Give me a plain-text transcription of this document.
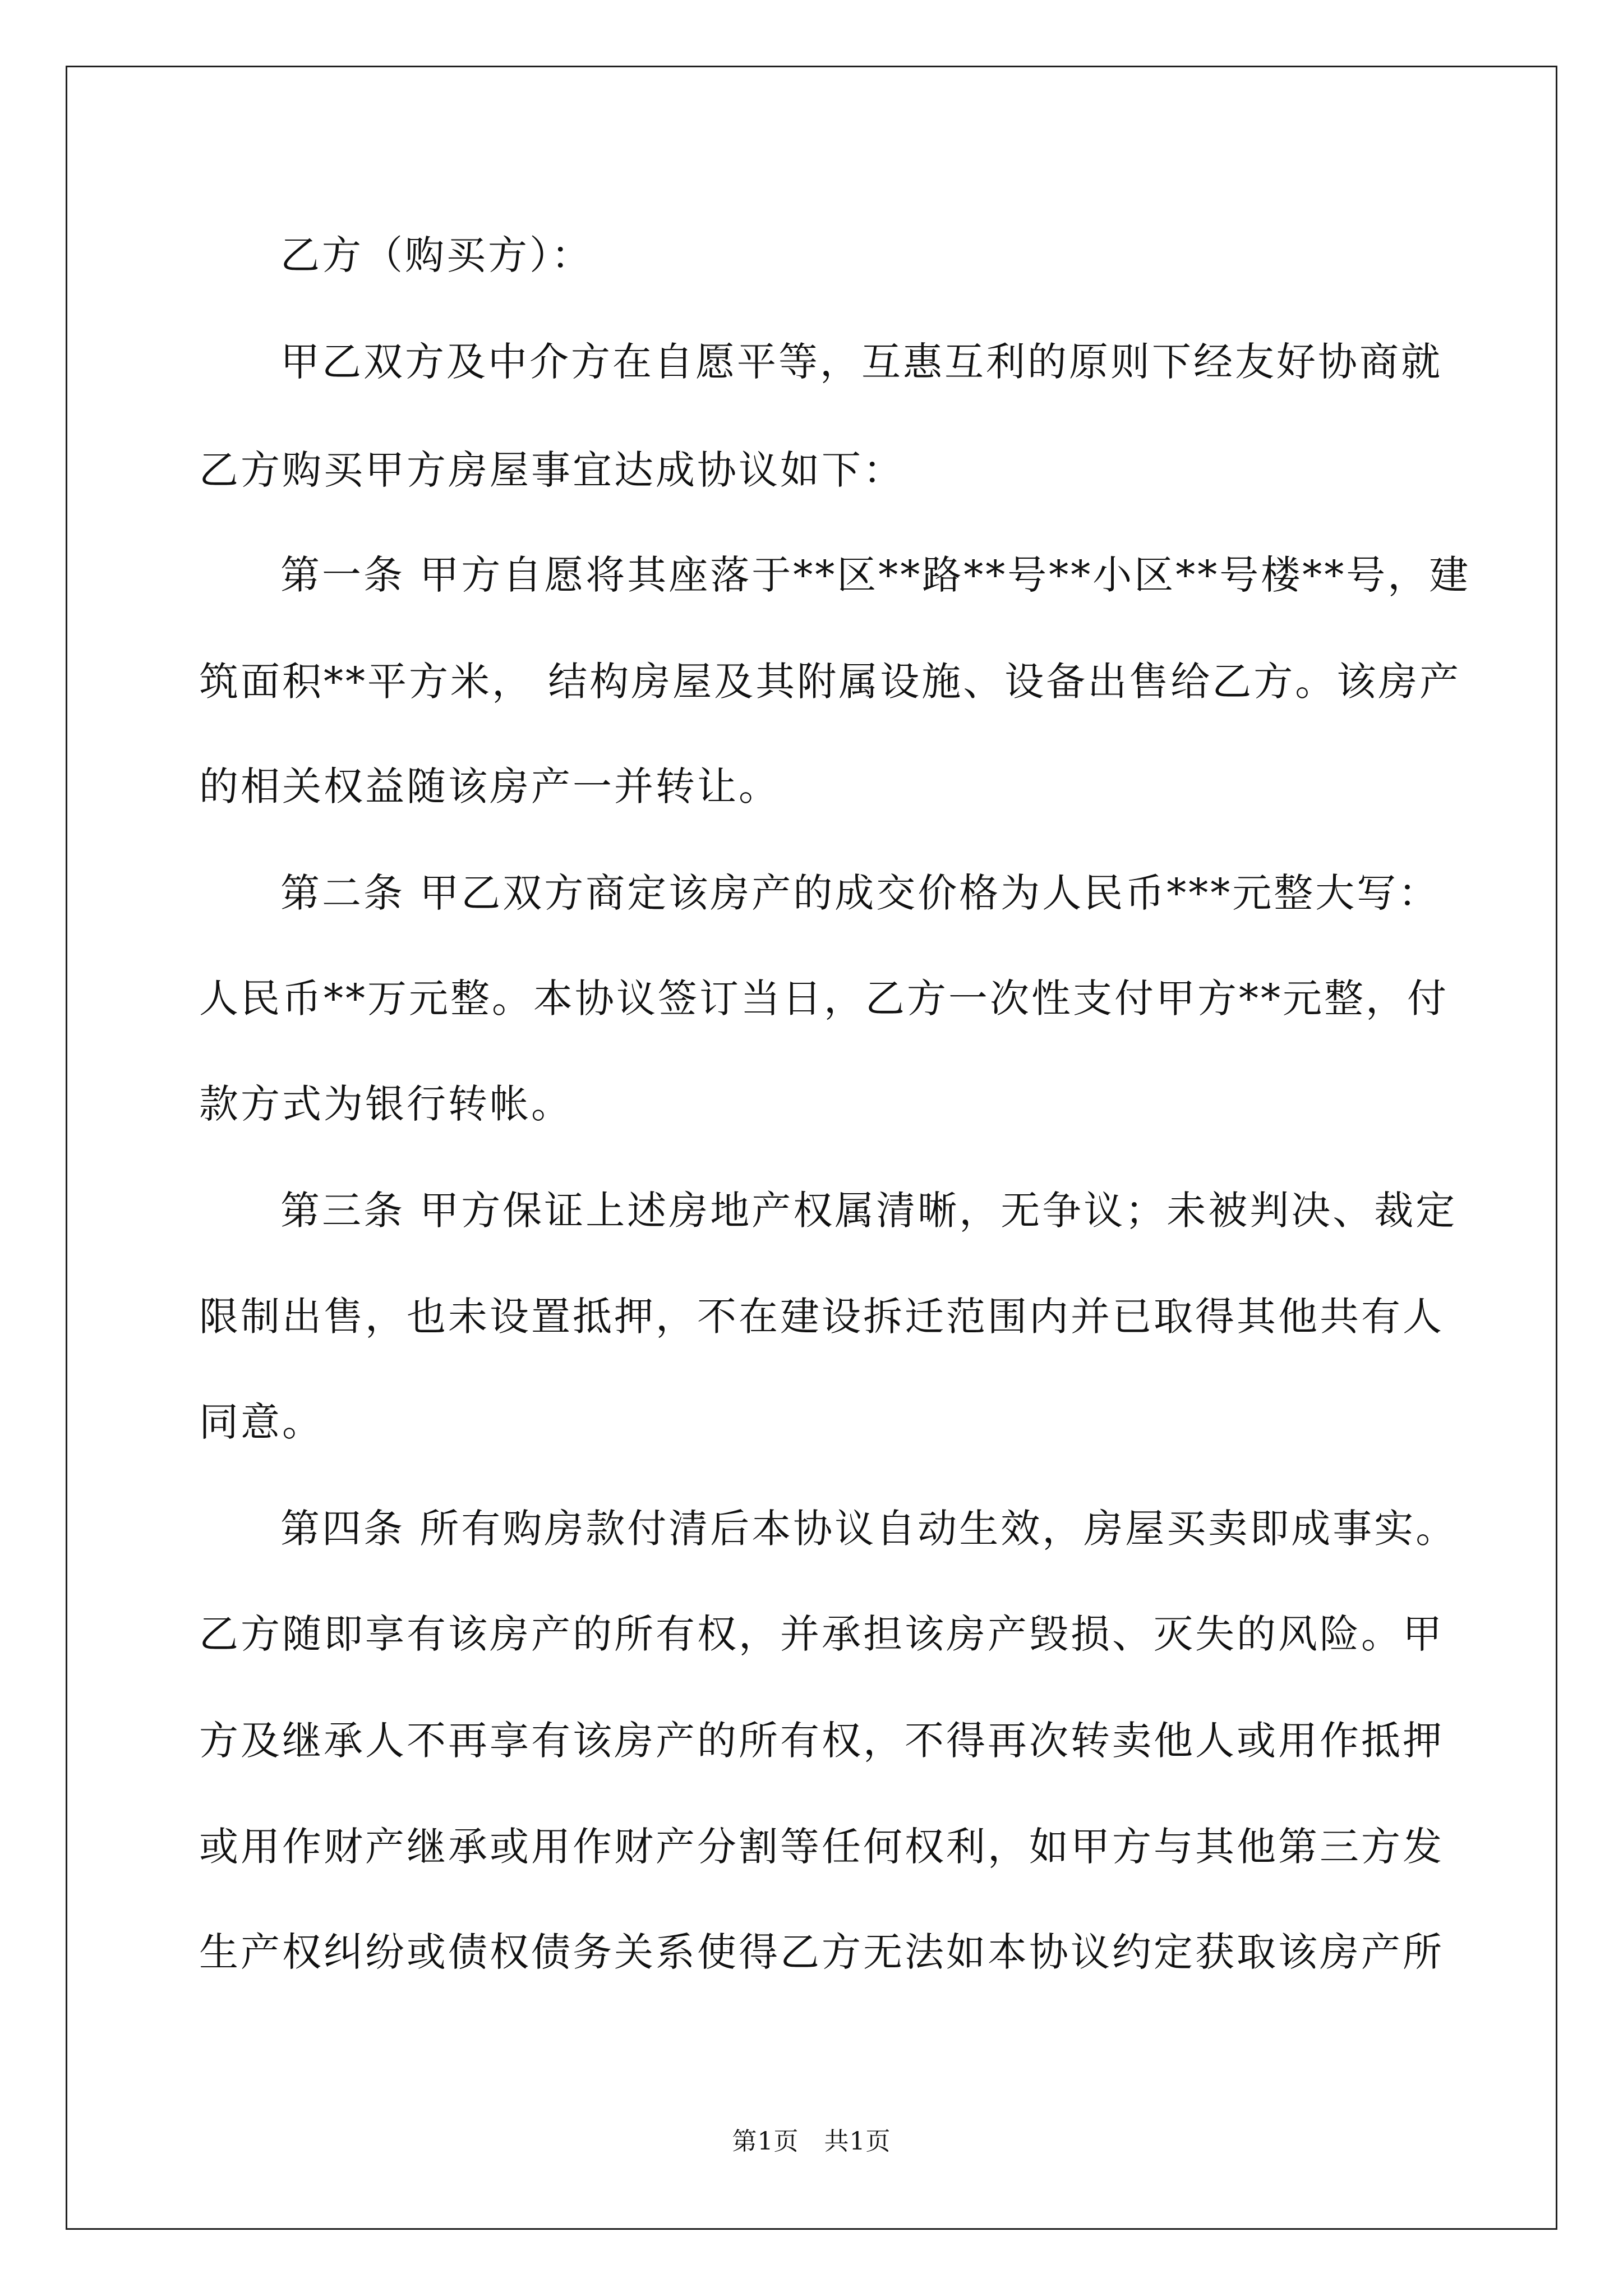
乙方（购买方）：
甲乙双方及中介方在自愿平等，互惠互利的原则下经友好协商就
乙方购买甲方房屋事宜达成协议如下：
第一条 甲方自愿将其座落于**区**路**号**小区**号楼**号，建
筑面积**平方米， 结构房屋及其附属设施、设备出售给乙方。该房产
的相关权益随该房产一并转让。
第二条 甲乙双方商定该房产的成交价格为人民币***元整大写：
人民币**万元整。本协议签订当日，乙方一次性支付甲方**元整，付
款方式为银行转帐。
第三条 甲方保证上述房地产权属清晰，无争议；未被判决、裁定
限制出售，也未设置抵押，不在建设拆迁范围内并已取得其他共有人
同意。
第四条 所有购房款付清后本协议自动生效，房屋买卖即成事实。
乙方随即享有该房产的所有权，并承担该房产毁损、灭失的风险。甲
方及继承人不再享有该房产的所有权，不得再次转卖他人或用作抵押
或用作财产继承或用作财产分割等任何权利，如甲方与其他第三方发
生产权纠纷或债权债务关系使得乙方无法如本协议约定获取该房产所
第1页　共1页
